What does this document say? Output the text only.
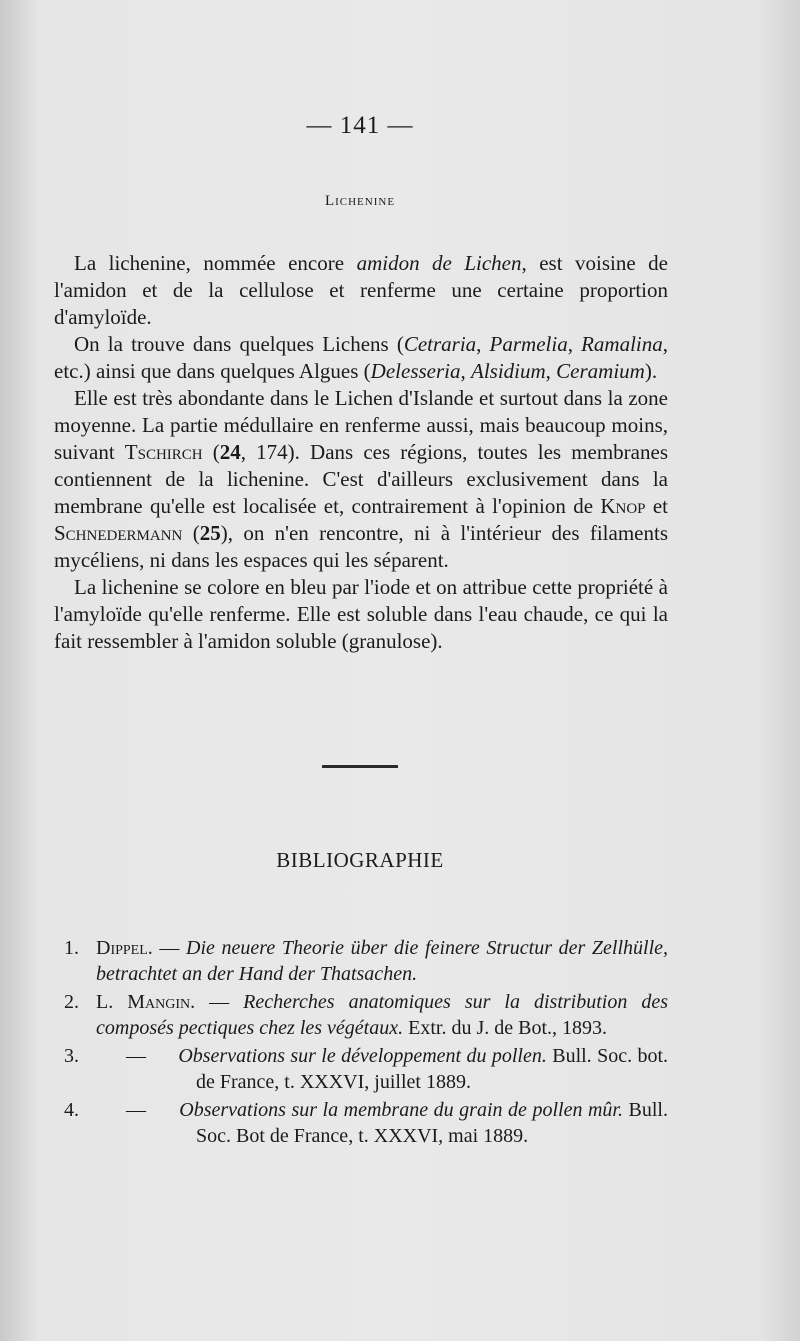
— 141 —
Lichenine

La lichenine, nommée encore amidon de Lichen, est voisine de l'amidon et de la cellulose et renferme une certaine proportion d'amyloïde.

On la trouve dans quelques Lichens (Cetraria, Parmelia, Ramalina, etc.) ainsi que dans quelques Algues (Delesseria, Alsidium, Ceramium).

Elle est très abondante dans le Lichen d'Islande et surtout dans la zone moyenne. La partie médullaire en renferme aussi, mais beaucoup moins, suivant Tschirch (24, 174). Dans ces régions, toutes les membranes contiennent de la lichenine. C'est d'ailleurs exclusivement dans la membrane qu'elle est localisée et, contrairement à l'opinion de Knop et Schnedermann (25), on n'en rencontre, ni à l'intérieur des filaments mycéliens, ni dans les espaces qui les séparent.

La lichenine se colore en bleu par l'iode et on attribue cette propriété à l'amyloïde qu'elle renferme. Elle est soluble dans l'eau chaude, ce qui la fait ressembler à l'amidon soluble (granulose).

BIBLIOGRAPHIE
1. Dippel. — Die neuere Theorie über die feinere Structur der Zellhülle, betrachtet an der Hand der Thatsachen.
2. L. Mangin. — Recherches anatomiques sur la distribution des composés pectiques chez les végétaux. Extr. du J. de Bot., 1893.
3.	— Observations sur le développement du pollen. Bull. Soc. bot. de France, t. XXXVI, juillet 1889.
4.	— Observations sur la membrane du grain de pollen mûr. Bull. Soc. Bot de France, t. XXXVI, mai 1889.
